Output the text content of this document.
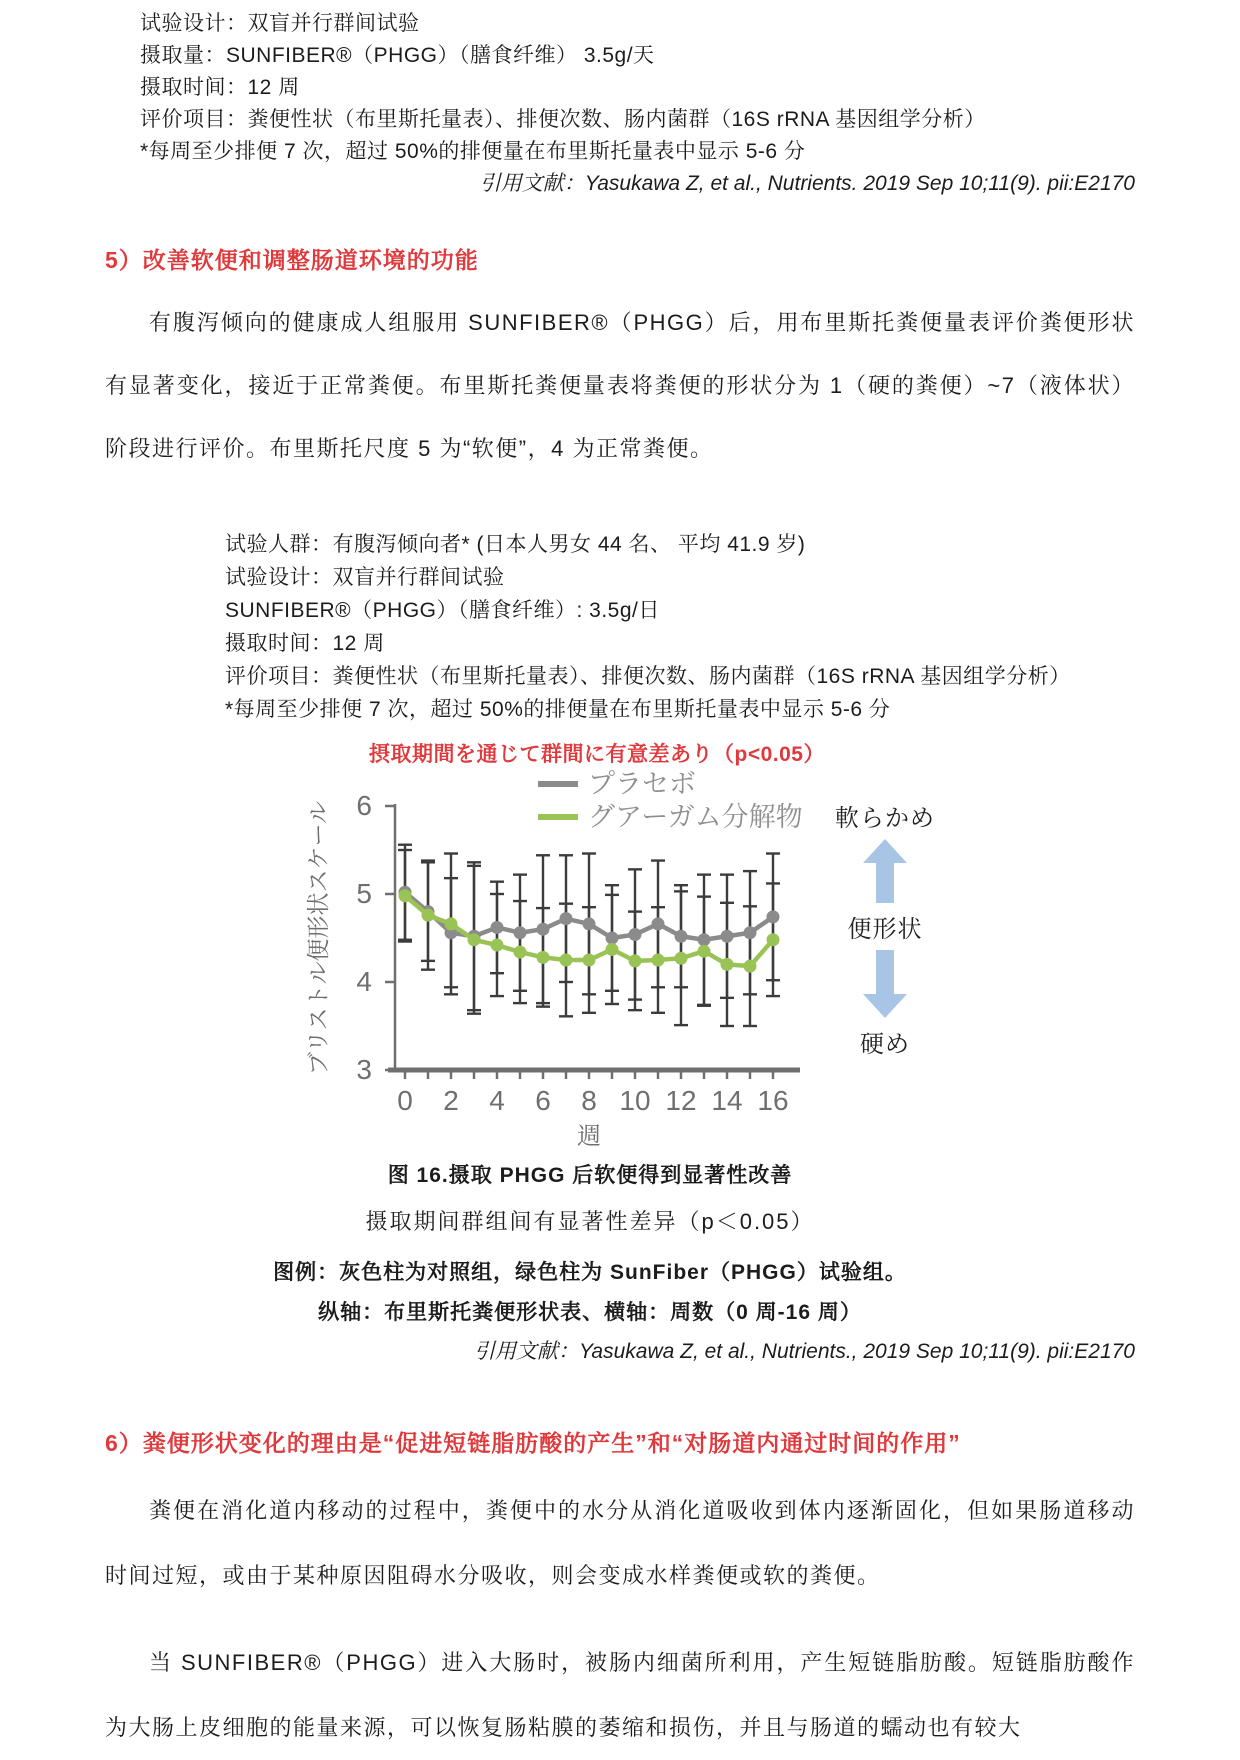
试验设计：双盲并行群间试验
摄取量：SUNFIBER®（PHGG）（膳食纤维） 3.5g/天
摄取时间：12 周
评价项目：粪便性状（布里斯托量表）、排便次数、肠内菌群（16S rRNA 基因组学分析）
*每周至少排便 7 次，超过 50%的排便量在布里斯托量表中显示 5-6 分
引用文献：Yasukawa Z, et al., Nutrients. 2019 Sep 10;11(9). pii:E2170
5）改善软便和调整肠道环境的功能

有腹泻倾向的健康成人组服用 SUNFIBER®（PHGG）后，用布里斯托粪便量表评价粪便形状有显著变化，接近于正常粪便。布里斯托粪便量表将粪便的形状分为 1（硬的粪便）~7（液体状）阶段进行评价。布里斯托尺度 5 为“软便”，4 为正常粪便。

试验人群：有腹泻倾向者* (日本人男女 44 名、 平均 41.9 岁)
试验设计：双盲并行群间试验
SUNFIBER®（PHGG）（膳食纤维）: 3.5g/日
摄取时间：12 周
评价项目：粪便性状（布里斯托量表）、排便次数、肠内菌群（16S rRNA 基因组学分析）
*每周至少排便 7 次，超过 50%的排便量在布里斯托量表中显示 5-6 分
摂取期間を通じて群間に有意差あり（p<0.05）
6
5
4
3
0 2 4 6 8 10 12 14 16
週
ブリストル便形状スケール
プラセボ
グアーガム分解物 軟らかめ
便形状
硬め
图 16.摄取 PHGG 后软便得到显著性改善
摄取期间群组间有显著性差异（p＜0.05）
图例：灰色柱为对照组，绿色柱为 SunFiber（PHGG）试验组。
纵轴：布里斯托粪便形状表、横轴：周数（0 周-16 周）
引用文献：Yasukawa Z, et al., Nutrients., 2019 Sep 10;11(9). pii:E2170
6）粪便形状变化的理由是“促进短链脂肪酸的产生”和“对肠道内通过时间的作用”

粪便在消化道内移动的过程中，粪便中的水分从消化道吸收到体内逐渐固化，但如果肠道移动时间过短，或由于某种原因阻碍水分吸收，则会变成水样粪便或软的粪便。

当 SUNFIBER®（PHGG）进入大肠时，被肠内细菌所利用，产生短链脂肪酸。短链脂肪酸作为大肠上皮细胞的能量来源，可以恢复肠粘膜的萎缩和损伤，并且与肠道的蠕动也有较大
